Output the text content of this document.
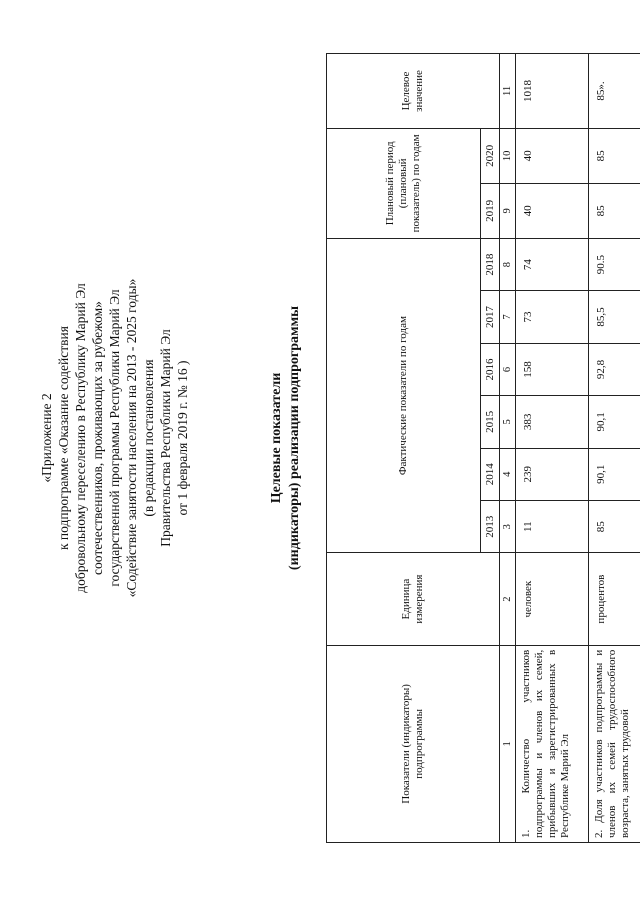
«Приложение 2 к подпрограмме «Оказание содействия добровольному переселению в Республику Марий Эл соотечественников, проживающих за рубежом» государственной программы Республики Марий Эл «Содействие занятости населения на 2013 - 2025 годы» (в редакции постановления Правительства Республики Марий Эл от 1 февраля 2019 г. № 16 )	Целевые показатели (индикаторы) реализации подпрограммы
Показатели (индикаторы) подпрограммы	Единица измерения	Фактические показатели по годам						Плановый период (плановый показатель) по годам		Целевое значение
		2013	2014	2015	2016	2017	2018	2019	2020	
1	2	3	4	5	6	7	8	9	10	11
1. Количество участников подпрограммы и членов их семей, прибывших и зарегистрированных в Республике Марий Эл	человек	11	239	383	158	73	74	40	40	1018
2. Доля участников подпрограммы и членов их семей трудоспособного возраста, занятых трудовой	процентов	85	90,1	90,1	92,8	85,5	90.5	85	85	85».
